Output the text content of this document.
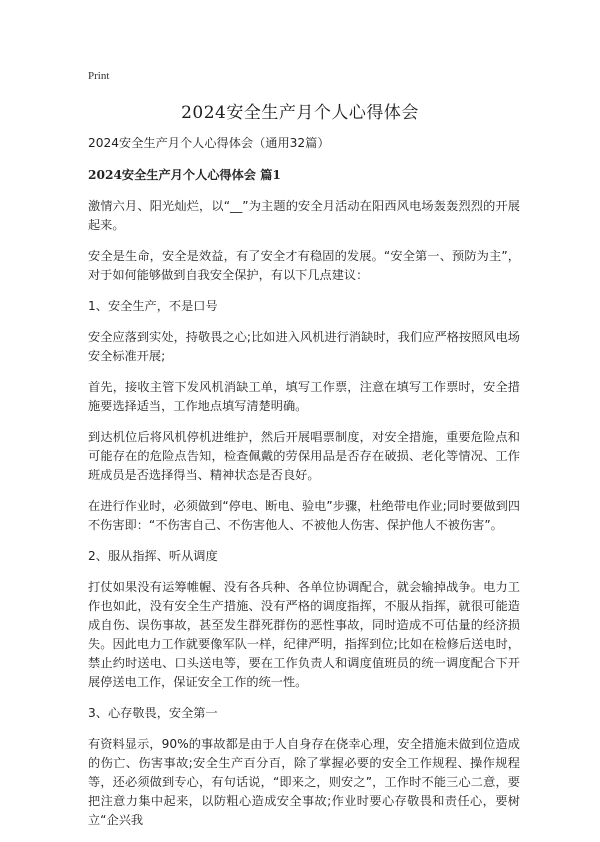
Print
2024安全生产月个人心得体会

2024安全生产月个人心得体会（通用32篇）

2024安全生产月个人心得体会 篇1

激情六月、阳光灿烂，以“__”为主题的安全月活动在阳西风电场轰轰烈烈的开展起来。

安全是生命，安全是效益，有了安全才有稳固的发展。“安全第一、预防为主”，对于如何能够做到自我安全保护，有以下几点建议：

1、安全生产，不是口号

安全应落到实处，持敬畏之心;比如进入风机进行消缺时，我们应严格按照风电场安全标准开展;

首先，接收主管下发风机消缺工单，填写工作票，注意在填写工作票时，安全措施要选择适当，工作地点填写清楚明确。

到达机位后将风机停机进维护，然后开展唱票制度，对安全措施，重要危险点和可能存在的危险点告知，检查佩戴的劳保用品是否存在破损、老化等情况、工作班成员是否选择得当、精神状态是否良好。

在进行作业时，必须做到“停电、断电、验电”步骤，杜绝带电作业;同时要做到四不伤害即：“不伤害自己、不伤害他人、不被他人伤害、保护他人不被伤害”。

2、服从指挥、听从调度

打仗如果没有运筹帷幄、没有各兵种、各单位协调配合，就会输掉战争。电力工作也如此，没有安全生产措施、没有严格的调度指挥，不服从指挥，就很可能造成自伤、误伤事故，甚至发生群死群伤的恶性事故，同时造成不可估量的经济损失。因此电力工作就要像军队一样，纪律严明，指挥到位;比如在检修后送电时，禁止约时送电、口头送电等，要在工作负责人和调度值班员的统一调度配合下开展停送电工作，保证安全工作的统一性。

3、心存敬畏，安全第一

有资料显示，90%的事故都是由于人自身存在侥幸心理，安全措施未做到位造成的伤亡、伤害事故;安全生产百分百，除了掌握必要的安全工作规程、操作规程等，还必须做到专心，有句话说，“即来之，则安之”，工作时不能三心二意，要把注意力集中起来，以防粗心造成安全事故;作业时要心存敬畏和责任心，要树立“企兴我
